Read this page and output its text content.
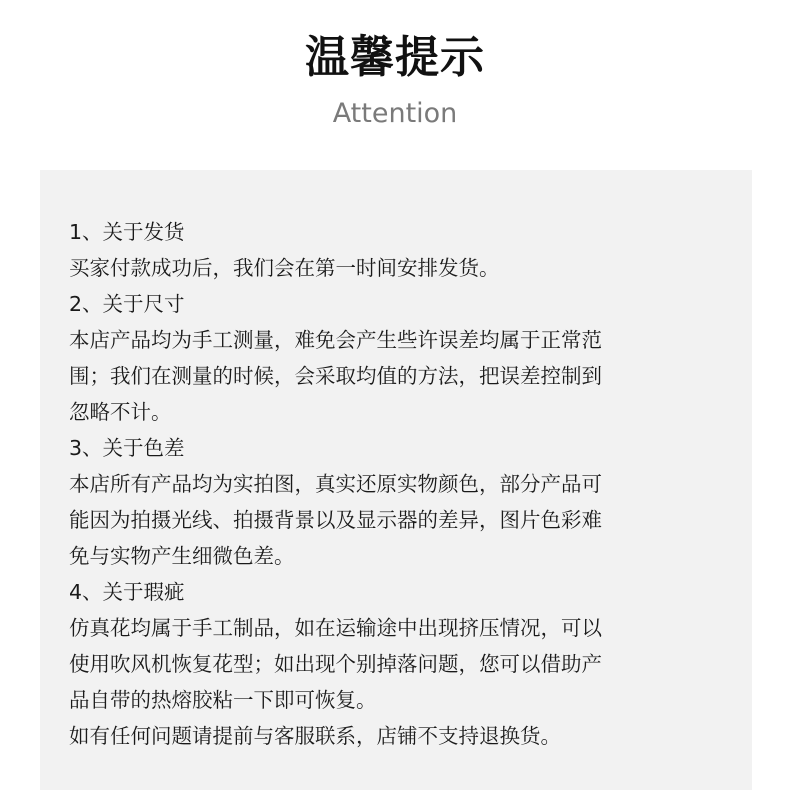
温馨提示
Attention
1、关于发货
买家付款成功后，我们会在第一时间安排发货。
2、关于尺寸
本店产品均为手工测量，难免会产生些许误差均属于正常范
围；我们在测量的时候，会采取均值的方法，把误差控制到
忽略不计。
3、关于色差
本店所有产品均为实拍图，真实还原实物颜色，部分产品可
能因为拍摄光线、拍摄背景以及显示器的差异，图片色彩难
免与实物产生细微色差。
4、关于瑕疵
仿真花均属于手工制品，如在运输途中出现挤压情况，可以
使用吹风机恢复花型；如出现个别掉落问题，您可以借助产
品自带的热熔胶粘一下即可恢复。
如有任何问题请提前与客服联系，店铺不支持退换货。
